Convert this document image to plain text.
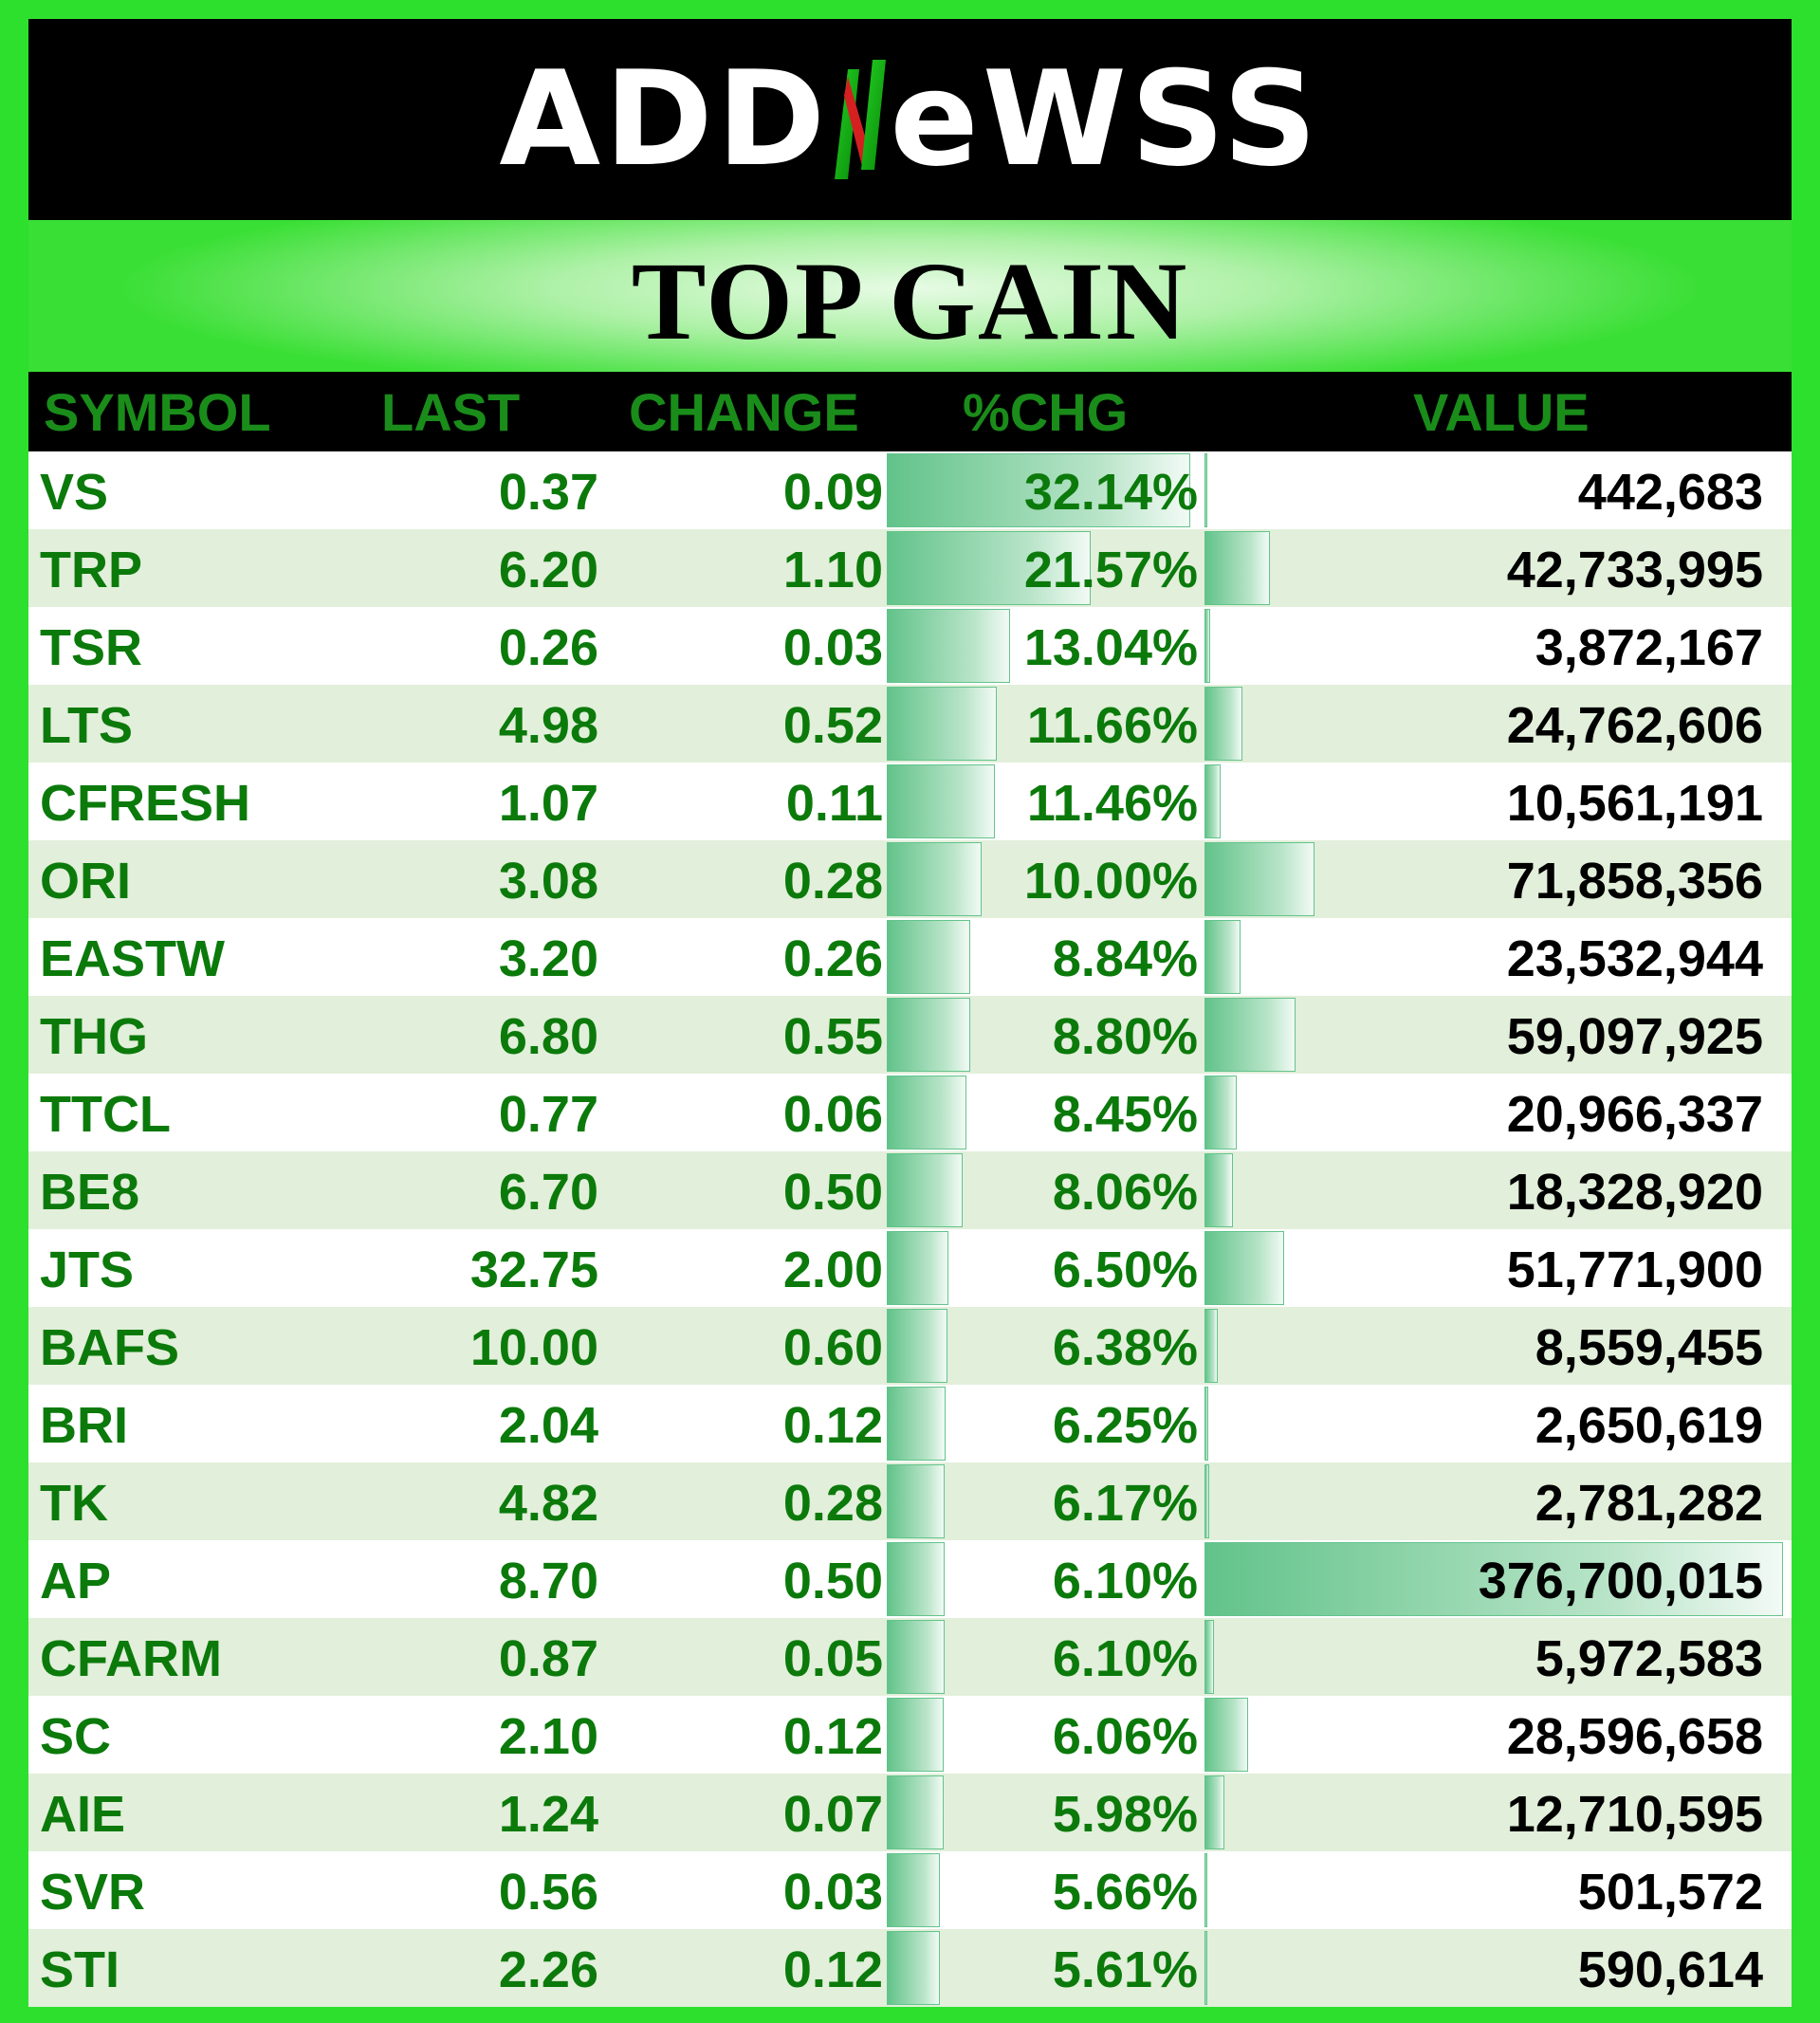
ADD eWSS
TOP GAIN
SYMBOL LAST CHANGE %CHG	VALUE
VS	0.37	0.09	32.14%	442,683
TRP	6.20	1.10	21.57%	42,733,995
TSR	0.26	0.03	13.04%	3,872,167
LTS	4.98	0.52	11.66%	24,762,606
CFRESH	1.07	0.11	11.46%	10,561,191
ORI	3.08	0.28	10.00%	71,858,356
EASTW	3.20	0.26	8.84%	23,532,944
THG	6.80	0.55	8.80%	59,097,925
TTCL	0.77	0.06	8.45%	20,966,337
BE8	6.70	0.50	8.06%	18,328,920
JTS	32.75	2.00	6.50%	51,771,900
BAFS	10.00	0.60	6.38%	8,559,455
BRI	2.04	0.12	6.25%	2,650,619
TK	4.82	0.28	6.17%	2,781,282
AP	8.70	0.50	6.10%	376,700,015
CFARM	0.87	0.05	6.10%	5,972,583
SC	2.10	0.12	6.06%	28,596,658
AIE	1.24	0.07	5.98%	12,710,595
SVR	0.56	0.03	5.66%	501,572
STI	2.26	0.12	5.61%	590,614
